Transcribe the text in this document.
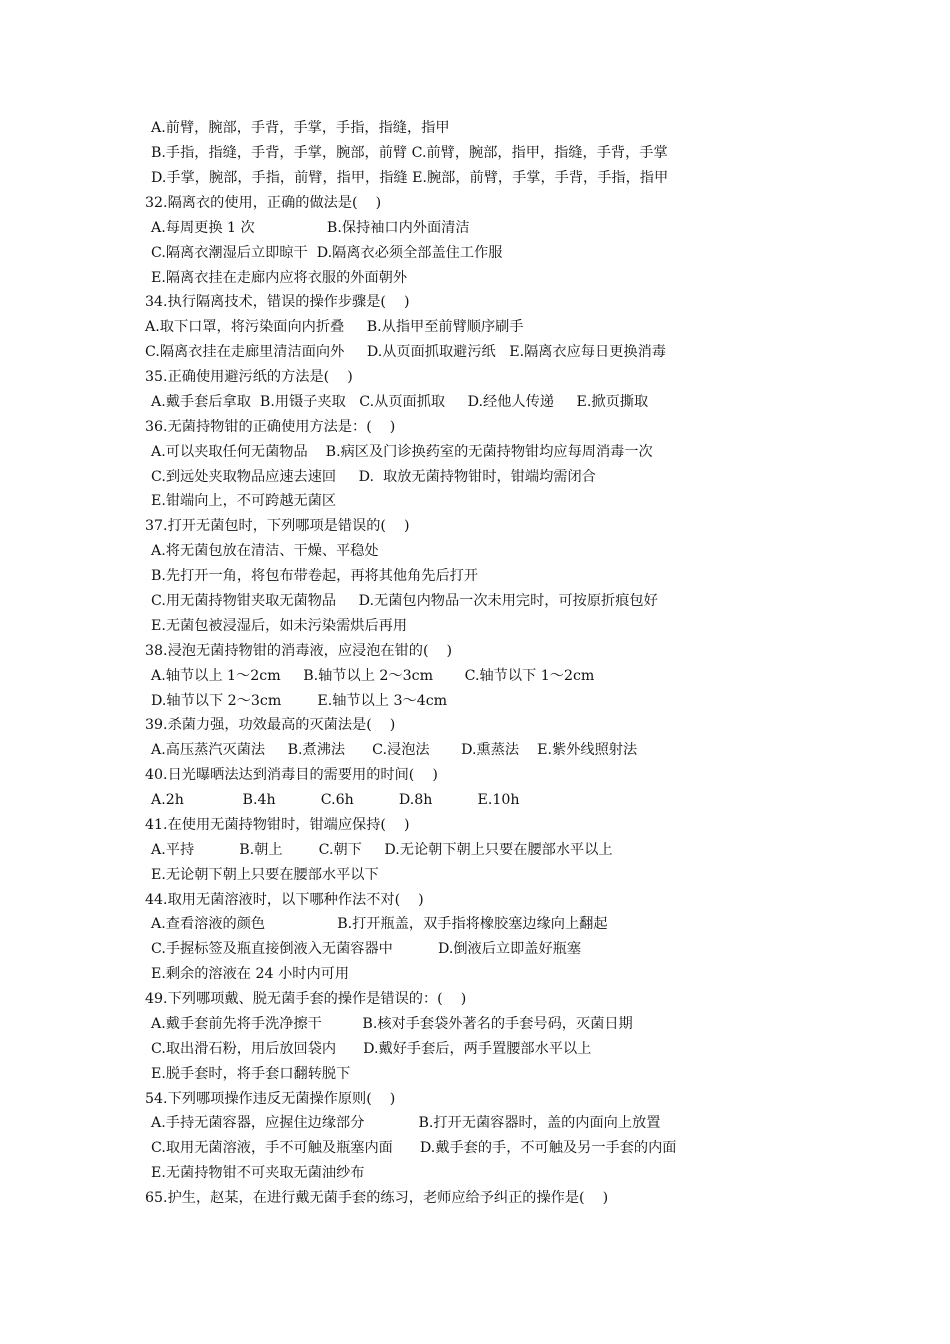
A.前臂，腕部，手背，手掌，手指，指缝，指甲
B.手指，指缝，手背，手掌，腕部，前臂 C.前臂，腕部，指甲，指缝，手背，手掌
D.手掌，腕部，手指，前臂，指甲，指缝 E.腕部，前臂，手掌，手背，手指，指甲
32.隔离衣的使用，正确的做法是(    )
A.每周更换 1 次                B.保持袖口内外面清洁
C.隔离衣潮湿后立即晾干  D.隔离衣必须全部盖住工作服
E.隔离衣挂在走廊内应将衣服的外面朝外
34.执行隔离技术，错误的操作步骤是(    )
A.取下口罩，将污染面向内折叠     B.从指甲至前臂顺序刷手
C.隔离衣挂在走廊里清洁面向外     D.从页面抓取避污纸   E.隔离衣应每日更换消毒
35.正确使用避污纸的方法是(    )
A.戴手套后拿取  B.用镊子夹取   C.从页面抓取     D.经他人传递     E.掀页撕取
36.无菌持物钳的正确使用方法是：(    )
A.可以夹取任何无菌物品    B.病区及门诊换药室的无菌持物钳均应每周消毒一次
C.到远处夹取物品应速去速回     D.  取放无菌持物钳时，钳端均需闭合
E.钳端向上，不可跨越无菌区
37.打开无菌包时，下列哪项是错误的(    )
A.将无菌包放在清洁、干燥、平稳处
B.先打开一角，将包布带卷起，再将其他角先后打开
C.用无菌持物钳夹取无菌物品     D.无菌包内物品一次未用完时，可按原折痕包好
E.无菌包被浸湿后，如未污染需烘后再用
38.浸泡无菌持物钳的消毒液，应浸泡在钳的(    )
A.轴节以上 1～2cm     B.轴节以上 2～3cm       C.轴节以下 1～2cm
D.轴节以下 2～3cm        E.轴节以上 3～4cm
39.杀菌力强，功效最高的灭菌法是(    )
A.高压蒸汽灭菌法     B.煮沸法      C.浸泡法       D.熏蒸法    E.紫外线照射法
40.日光曝晒法达到消毒目的需要用的时间(    )
A.2h             B.4h          C.6h          D.8h          E.10h
41.在使用无菌持物钳时，钳端应保持(    )
A.平持          B.朝上        C.朝下     D.无论朝下朝上只要在腰部水平以上
E.无论朝下朝上只要在腰部水平以下
44.取用无菌溶液时，以下哪种作法不对(    )
A.查看溶液的颜色                B.打开瓶盖，双手指将橡胶塞边缘向上翻起
C.手握标签及瓶直接倒液入无菌容器中          D.倒液后立即盖好瓶塞
E.剩余的溶液在 24 小时内可用
49.下列哪项戴、脱无菌手套的操作是错误的：(    )
A.戴手套前先将手洗净擦干         B.核对手套袋外著名的手套号码，灭菌日期
C.取出滑石粉，用后放回袋内      D.戴好手套后，两手置腰部水平以上
E.脱手套时，将手套口翻转脱下
54.下列哪项操作违反无菌操作原则(    )
A.手持无菌容器，应握住边缘部分            B.打开无菌容器时，盖的内面向上放置
C.取用无菌溶液，手不可触及瓶塞内面      D.戴手套的手，不可触及另一手套的内面
E.无菌持物钳不可夹取无菌油纱布
65.护生，赵某，在进行戴无菌手套的练习，老师应给予纠正的操作是(    )
